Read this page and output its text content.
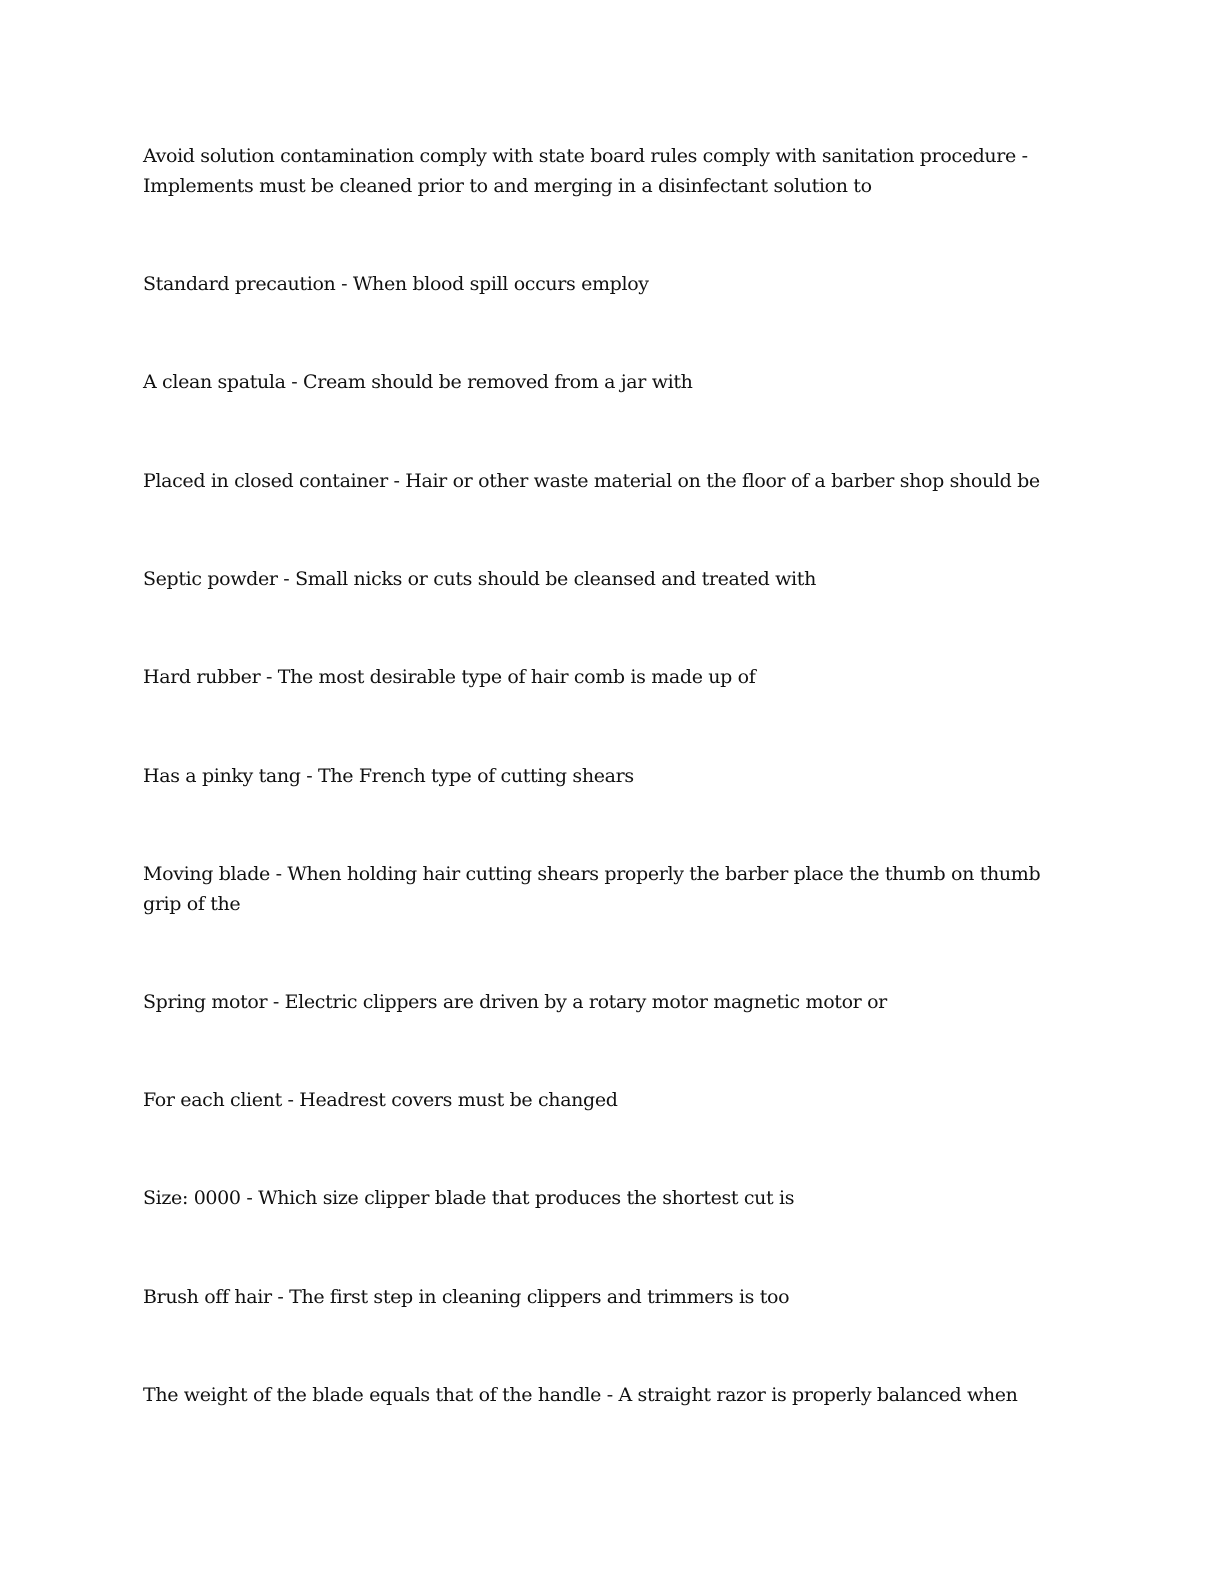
Avoid solution contamination comply with state board rules comply with sanitation procedure - Implements must be cleaned prior to and merging in a disinfectant solution to

Standard precaution - When blood spill occurs employ

A clean spatula - Cream should be removed from a jar with

Placed in closed container - Hair or other waste material on the floor of a barber shop should be

Septic powder - Small nicks or cuts should be cleansed and treated with

Hard rubber - The most desirable type of hair comb is made up of

Has a pinky tang - The French type of cutting shears

Moving blade - When holding hair cutting shears properly the barber place the thumb on thumb grip of the

Spring motor - Electric clippers are driven by a rotary motor magnetic motor or

For each client - Headrest covers must be changed

Size: 0000 - Which size clipper blade that produces the shortest cut is

Brush off hair - The first step in cleaning clippers and trimmers is too

The weight of the blade equals that of the handle - A straight razor is properly balanced when
